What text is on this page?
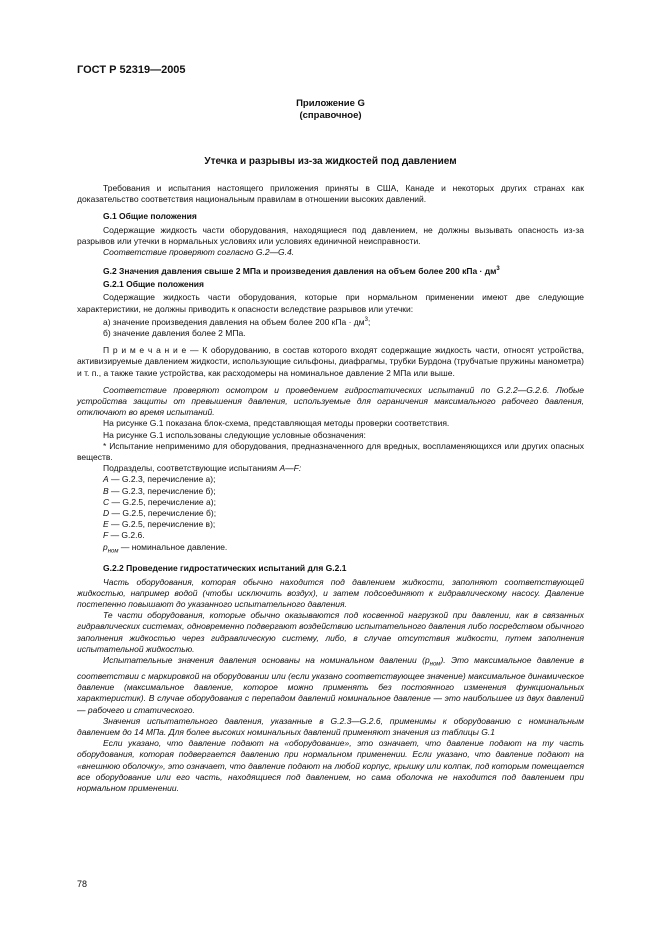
ГОСТ Р 52319—2005
Приложение G
(справочное)
Утечка и разрывы из-за жидкостей под давлением

Требования и испытания настоящего приложения приняты в США, Канаде и некоторых других странах как доказательство соответствия национальным правилам в отношении высоких давлений.

G.1 Общие положения

Содержащие жидкость части оборудования, находящиеся под давлением, не должны вызывать опасность из-за разрывов или утечки в нормальных условиях или условиях единичной неисправности.

Соответствие проверяют согласно G.2—G.4.

G.2 Значения давления свыше 2 МПа и произведения давления на объем более 200 кПа · $дм^3$

G.2.1 Общие положения

Содержащие жидкость части оборудования, которые при нормальном применении имеют две следующие характеристики, не должны приводить к опасности вследствие разрывов или утечки:

а) значение произведения давления на объем более 200 кПа · $дм^3$;

б) значение давления более 2 МПа.

П р и м е ч а н и е — К оборудованию, в состав которого входят содержащие жидкость части, относят устройства, активизируемые давлением жидкости, использующие сильфоны, диафрагмы, трубки Бурдона (трубчатые пружины манометра) и т. п., а также такие устройства, как расходомеры на номинальное давление 2 МПа или выше.

Соответствие проверяют осмотром и проведением гидростатических испытаний по G.2.2—G.2.6. Любые устройства защиты от превышения давления, используемые для ограничения максимального рабочего давления, отключают во время испытаний.

На рисунке G.1 показана блок-схема, представляющая методы проверки соответствия.

На рисунке G.1 использованы следующие условные обозначения:

* Испытание неприменимо для оборудования, предназначенного для вредных, воспламеняющихся или других опасных веществ.

Подразделы, соответствующие испытаниям A—F:

A — G.2.3, перечисление а);

B — G.2.3, перечисление б);

C — G.2.5, перечисление а);

D — G.2.5, перечисление б);

E — G.2.5, перечисление в);

F — G.2.6.

$p_{ном}$ — номинальное давление.

G.2.2 Проведение гидростатических испытаний для G.2.1

Часть оборудования, которая обычно находится под давлением жидкости, заполняют соответствующей жидкостью, например водой (чтобы исключить воздух), и затем подсоединяют к гидравлическому насосу. Давление постепенно повышают до указанного испытательного давления.

Те части оборудования, которые обычно оказываются под косвенной нагрузкой при давлении, как в связанных гидравлических системах, одновременно подвергают воздействию испытательного давления либо посредством обычного заполнения жидкостью через гидравлическую систему, либо, в случае отсутствия жидкости, путем заполнения испытательной жидкостью.

Испытательные значения давления основаны на номинальном давлении $(p_{ном})$. Это максимальное давление в соответствии с маркировкой на оборудовании или (если указано соответствующее значение) максимальное динамическое давление (максимальное давление, которое можно применять без постоянного изменения функциональных характеристик). В случае оборудования с перепадом давлений номинальное давление — это наибольшее из двух давлений — рабочего и статического.

Значения испытательного давления, указанные в G.2.3—G.2.6, применимы к оборудованию с номинальным давлением до 14 МПа. Для более высоких номинальных давлений применяют значения из таблицы G.1

Если указано, что давление подают на «оборудование», это означает, что давление подают на ту часть оборудования, которая подвергается давлению при нормальном применении. Если указано, что давление подают на «внешнюю оболочку», это означает, что давление подают на любой корпус, крышку или колпак, под которым помещается все оборудование или его часть, находящиеся под давлением, но сама оболочка не находится под давлением при нормальном применении.

78
